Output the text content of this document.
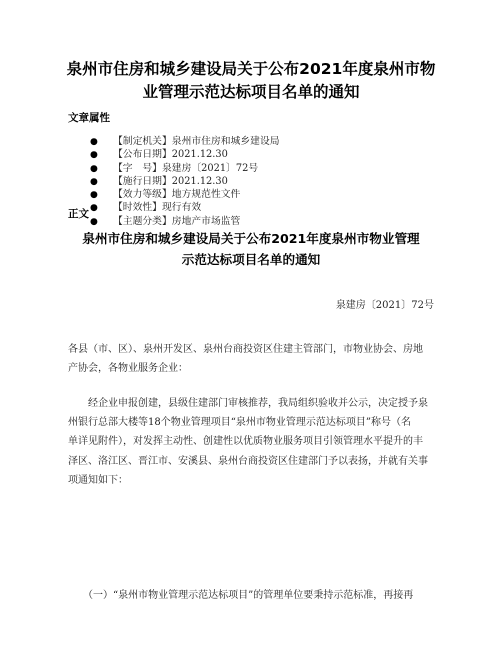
泉州市住房和城乡建设局关于公布2021年度泉州市物
业管理示范达标项目名单的通知
文章属性
● 【制定机关】泉州市住房和城乡建设局
● 【公布日期】2021.12.30
● 【字　号】泉建房〔2021〕72号
● 【施行日期】2021.12.30
● 【效力等级】地方规范性文件
● 【时效性】现行有效
● 【主题分类】房地产市场监管
正文
泉建房〔2021〕72号
各县（市、区）、泉州开发区、泉州台商投资区住建主管部门，市物业协会、房地
产协会，各物业服务企业：
　　经企业申报创建，县级住建部门审核推荐，我局组织验收并公示，决定授予泉
州银行总部大楼等18个物业管理项目“泉州市物业管理示范达标项目”称号（名
单详见附件），对发挥主动性、创建性以优质物业服务项目引领管理水平提升的丰
泽区、洛江区、晋江市、安溪县、泉州台商投资区住建部门予以表扬，并就有关事
项通知如下：
　　（一）“泉州市物业管理示范达标项目”的管理单位要秉持示范标准，再接再
泉州市住房和城乡建设局关于公布2021年度泉州市物业管理
示范达标项目名单的通知
